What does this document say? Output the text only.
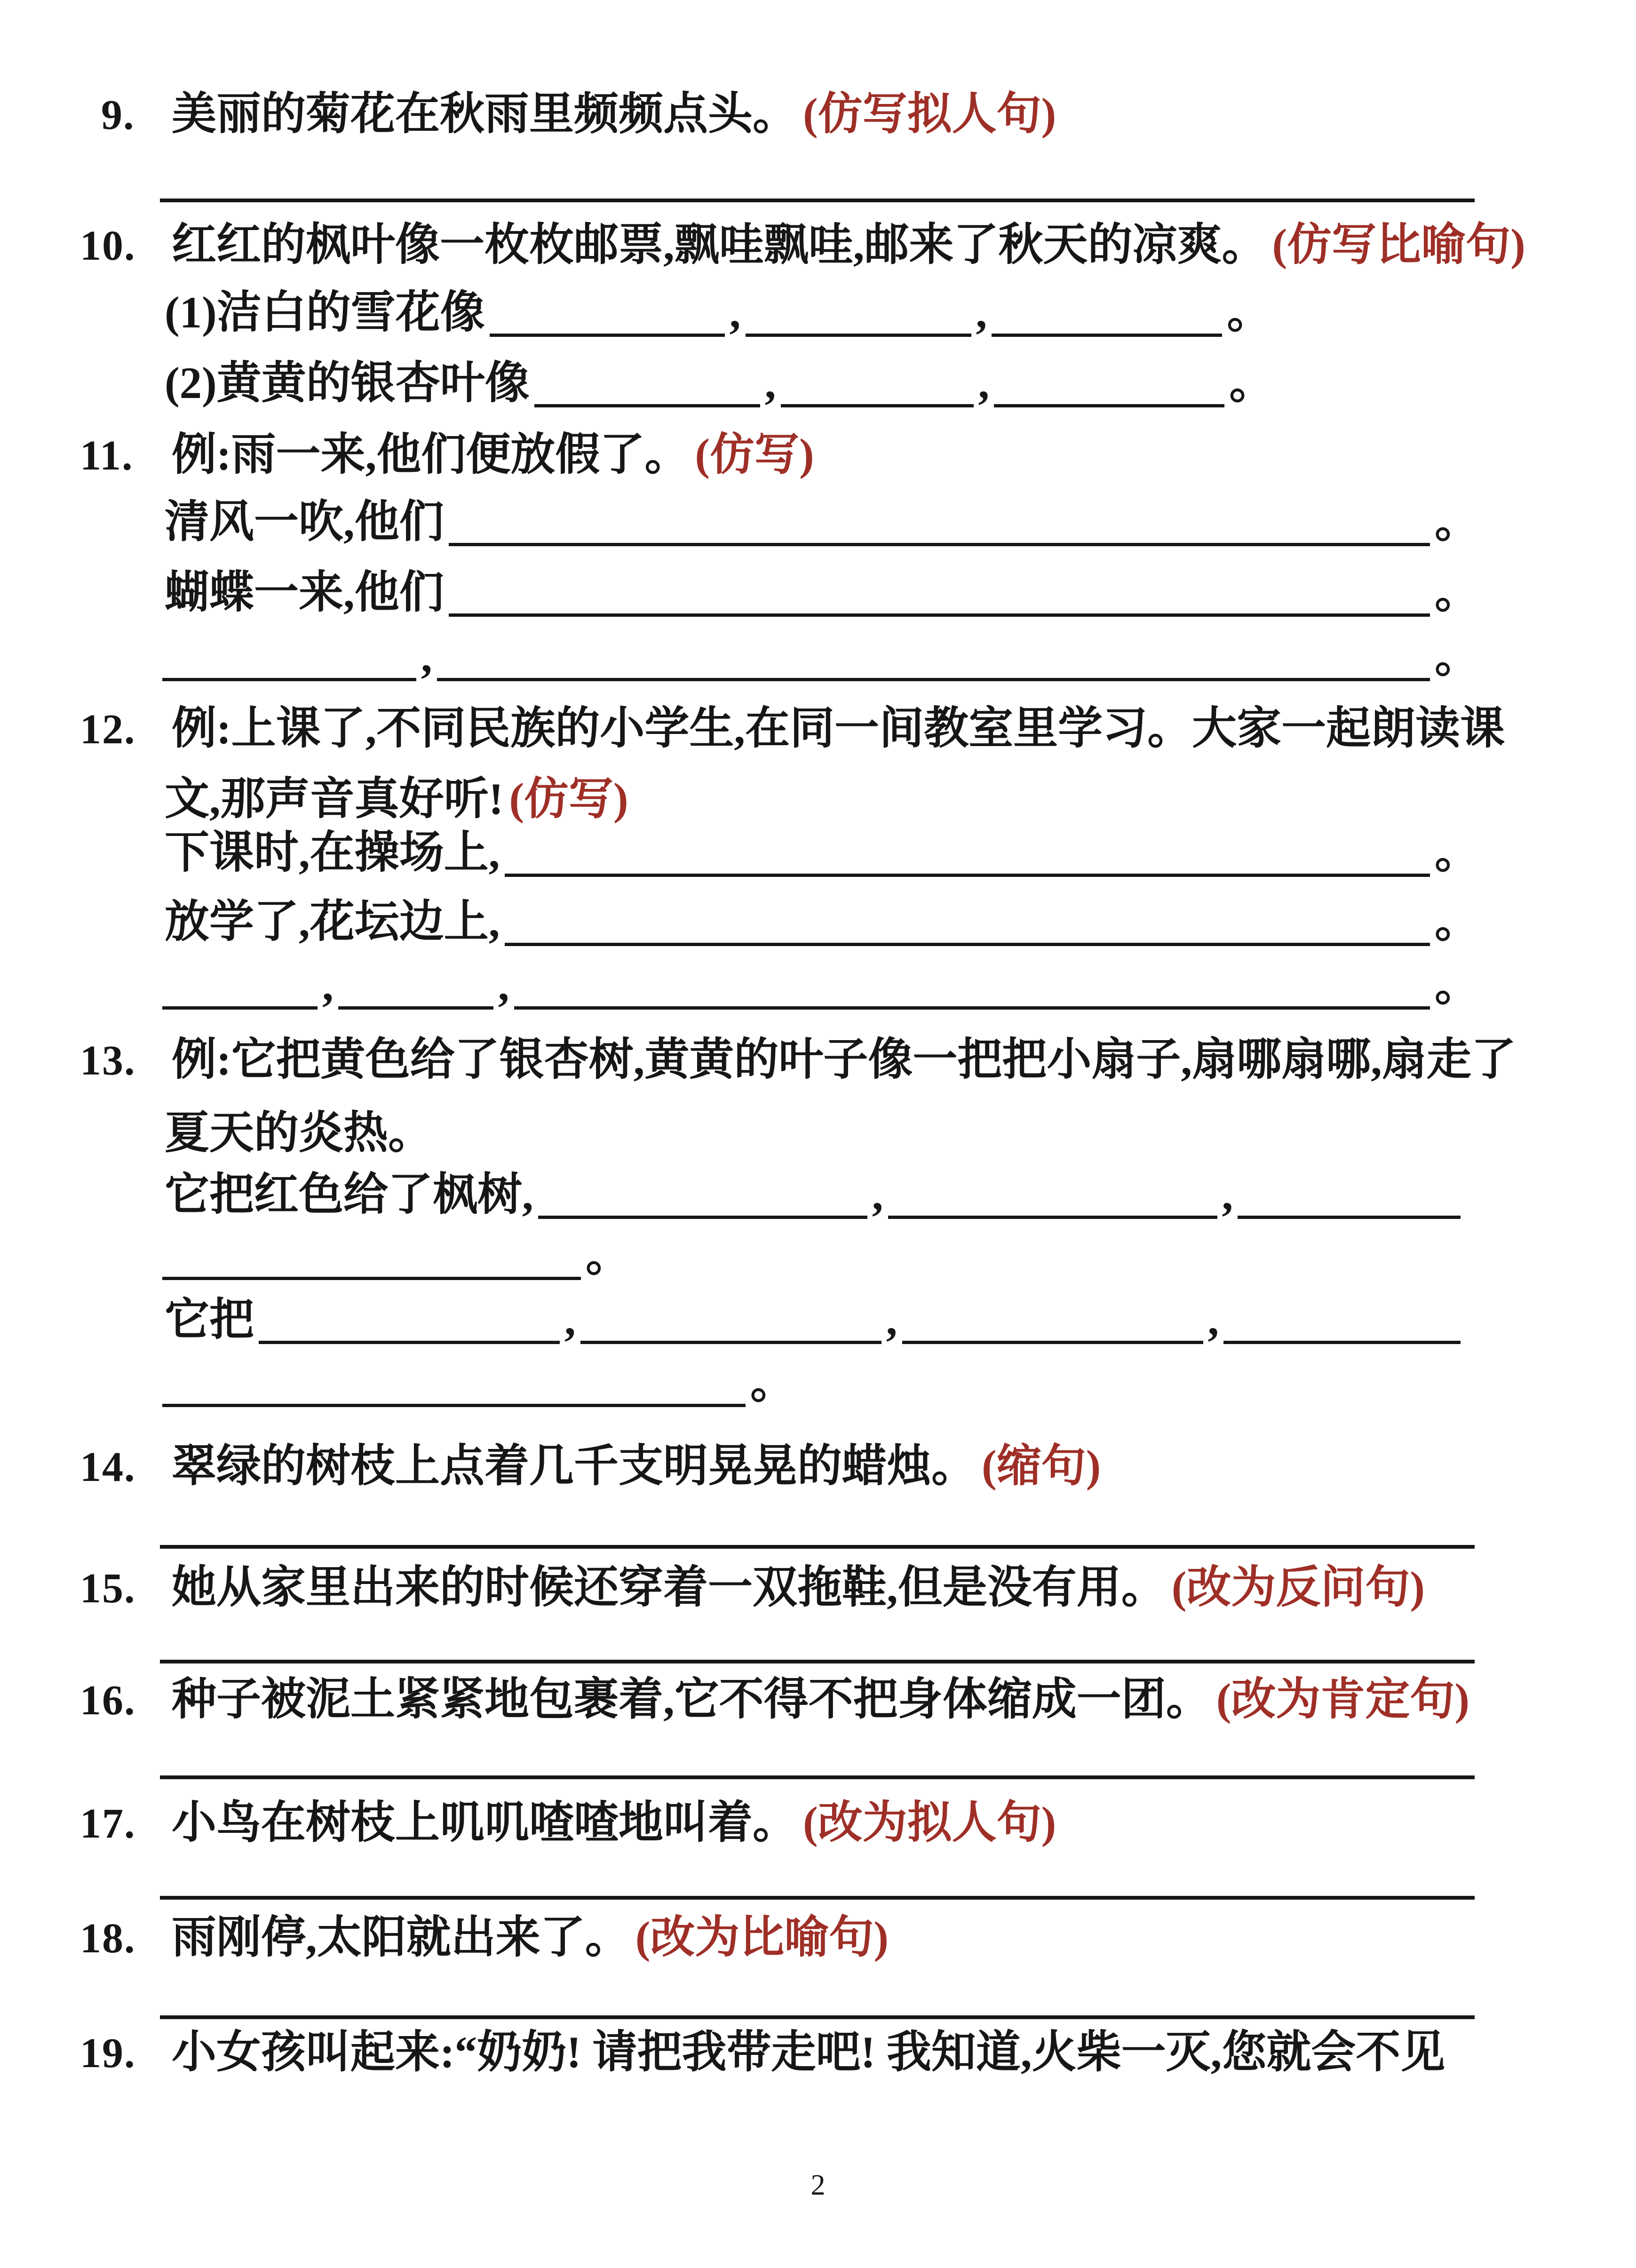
9. 美丽的菊花在秋雨里频频点头。 (仿写拟人句)
10. 红红的枫叶像一枚枚邮票,飘哇飘哇,邮来了秋天的凉爽。 (仿写比喻句)
(1)洁白的雪花像	,	,	。
(2)黄黄的银杏叶像	,	,	。
11. 例:雨一来,他们便放假了。 (仿写)
清风一吹,他们	。
蝴蝶一来,他们	。
,	。
12. 例:上课了,不同民族的小学生,在同一间教室里学习。大家一起朗读课
文,那声音真好听! (仿写)
下课时,在操场上,	。
放学了,花坛边上,	。
,	,	。
13. 例:它把黄色给了银杏树,黄黄的叶子像一把把小扇子,扇哪扇哪,扇走了
夏天的炎热。
它把红色给了枫树,	,	,
。
它把	,	,	,
。
14. 翠绿的树枝上点着几千支明晃晃的蜡烛。 (缩句)
15. 她从家里出来的时候还穿着一双拖鞋,但是没有用。 (改为反问句)
16. 种子被泥土紧紧地包裹着,它不得不把身体缩成一团。 (改为肯定句)
17. 小鸟在树枝上叽叽喳喳地叫着。 (改为拟人句)
18. 雨刚停,太阳就出来了。 (改为比喻句)
19. 小女孩叫起来:“奶奶! 请把我带走吧! 我知道,火柴一灭,您就会不见
2
